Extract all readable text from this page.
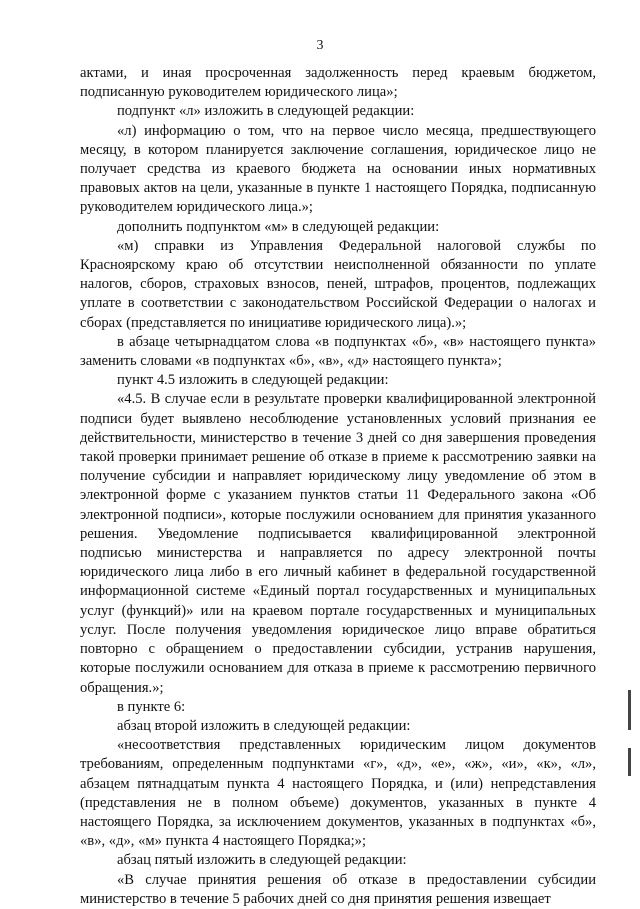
3

актами, и иная просроченная задолженность перед краевым бюджетом, подписанную руководителем юридического лица»;

подпункт «л» изложить в следующей редакции:

«л) информацию о том, что на первое число месяца, предшествующего месяцу, в котором планируется заключение соглашения, юридическое лицо не получает средства из краевого бюджета на основании иных нормативных правовых актов на цели, указанные в пункте 1 настоящего Порядка, подписанную руководителем юридического лица.»;

дополнить подпунктом «м» в следующей редакции:

«м) справки из Управления Федеральной налоговой службы по Красноярскому краю об отсутствии неисполненной обязанности по уплате налогов, сборов, страховых взносов, пеней, штрафов, процентов, подлежащих уплате в соответствии с законодательством Российской Федерации о налогах и сборах (представляется по инициативе юридического лица).»;

в абзаце четырнадцатом слова «в подпунктах «б», «в» настоящего пункта» заменить словами «в подпунктах «б», «в», «д» настоящего пункта»;

пункт 4.5 изложить в следующей редакции:

«4.5. В случае если в результате проверки квалифицированной электронной подписи будет выявлено несоблюдение установленных условий признания ее действительности, министерство в течение 3 дней со дня завершения проведения такой проверки принимает решение об отказе в приеме к рассмотрению заявки на получение субсидии и направляет юридическому лицу уведомление об этом в электронной форме с указанием пунктов статьи 11 Федерального закона «Об электронной подписи», которые послужили основанием для принятия указанного решения. Уведомление подписывается квалифицированной электронной подписью министерства и направляется по адресу электронной почты юридического лица либо в его личный кабинет в федеральной государственной информационной системе «Единый портал государственных и муниципальных услуг (функций)» или на краевом портале государственных и муниципальных услуг. После получения уведомления юридическое лицо вправе обратиться повторно с обращением о предоставлении субсидии, устранив нарушения, которые послужили основанием для отказа в приеме к рассмотрению первичного обращения.»;

в пункте 6:

абзац второй изложить в следующей редакции:

«несоответствия представленных юридическим лицом документов требованиям, определенным подпунктами «г», «д», «е», «ж», «и», «к», «л», абзацем пятнадцатым пункта 4 настоящего Порядка, и (или) непредставления (представления не в полном объеме) документов, указанных в пункте 4 настоящего Порядка, за исключением документов, указанных в подпунктах «б», «в», «д», «м» пункта 4 настоящего Порядка;»;

абзац пятый изложить в следующей редакции:

«В случае принятия решения об отказе в предоставлении субсидии министерство в течение 5 рабочих дней со дня принятия решения извещает
